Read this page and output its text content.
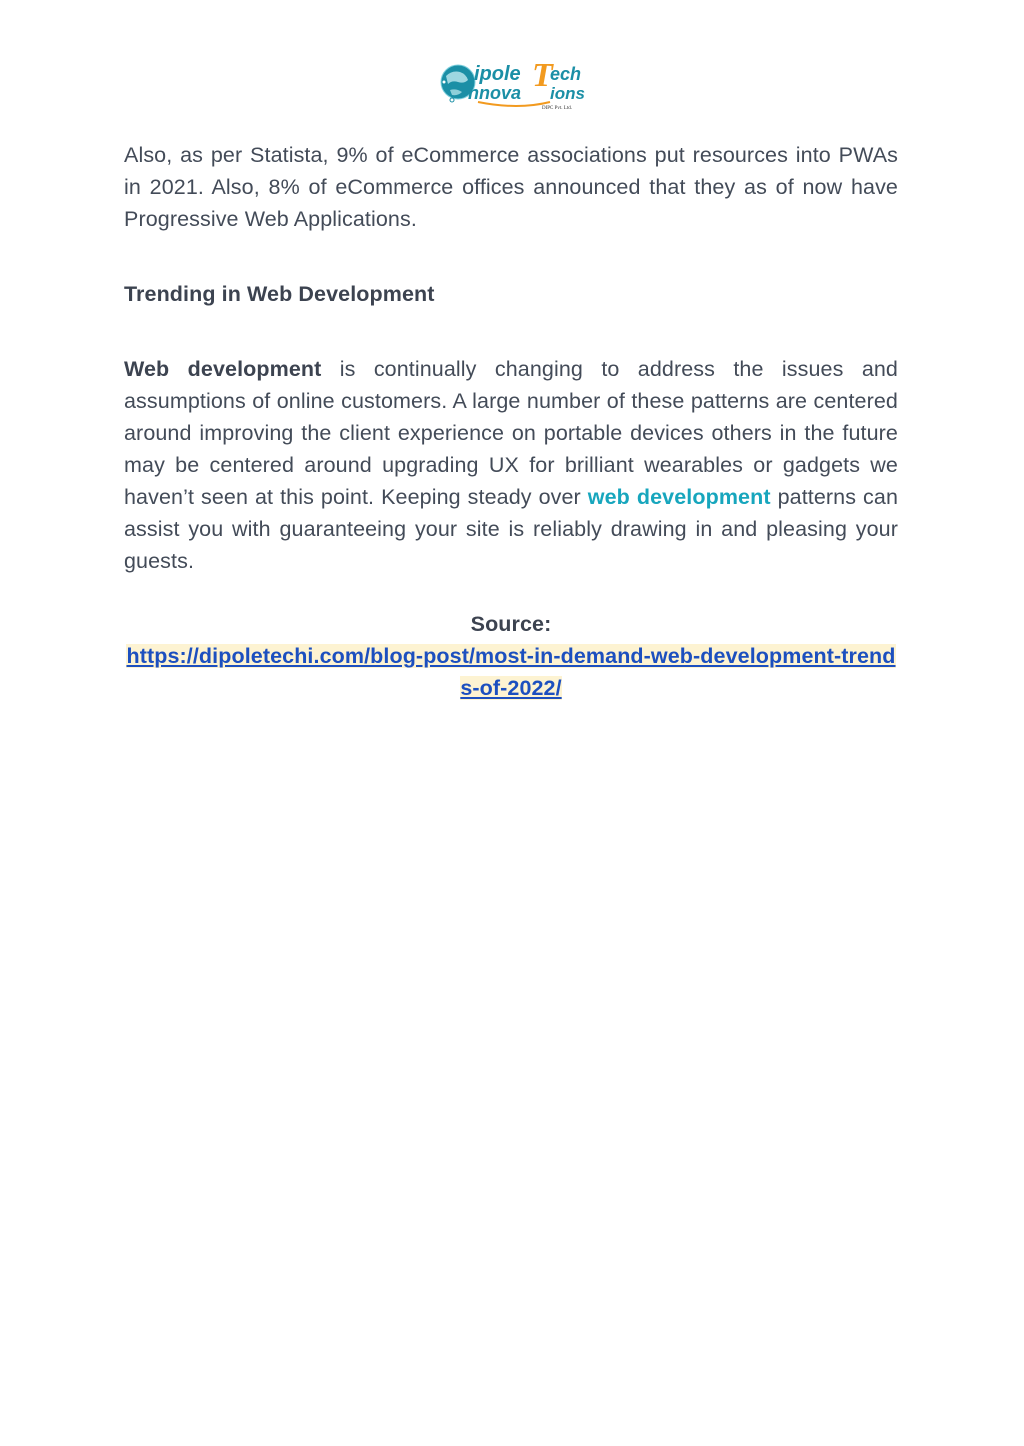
ipole T
ech
nnova ions
DIPC Pvt. Ltd.

Also, as per Statista, 9% of eCommerce associations put resources into PWAs in 2021. Also, 8% of eCommerce offices announced that they as of now have Progressive Web Applications.

Trending in Web Development

Web development is continually changing to address the issues and assumptions of online customers. A large number of these patterns are centered around improving the client experience on portable devices others in the future may be centered around upgrading UX for brilliant wearables or gadgets we haven’t seen at this point. Keeping steady over web development patterns can assist you with guaranteeing your site is reliably drawing in and pleasing your guests.

Source:
https://dipoletechi.com/blog-post/most-in-demand-web-development-trends-of-2022/
